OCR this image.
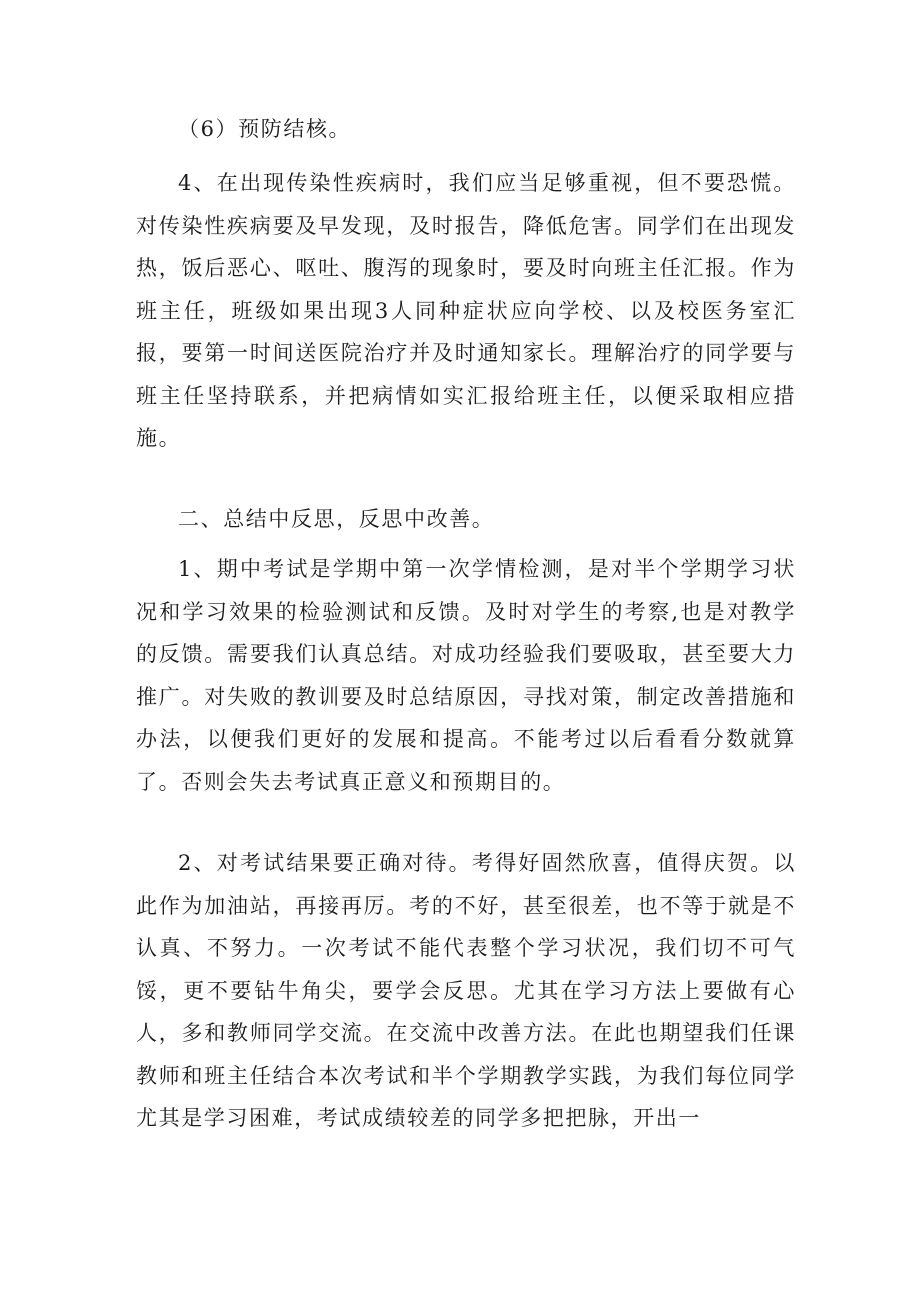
（6）预防结核。

4、在出现传染性疾病时，我们应当足够重视，但不要恐慌。对传染性疾病要及早发现，及时报告，降低危害。同学们在出现发热，饭后恶心、呕吐、腹泻的现象时，要及时向班主任汇报。作为班主任，班级如果出现3人同种症状应向学校、以及校医务室汇报，要第一时间送医院治疗并及时通知家长。理解治疗的同学要与班主任坚持联系，并把病情如实汇报给班主任，以便采取相应措施。

二、总结中反思，反思中改善。

1、期中考试是学期中第一次学情检测，是对半个学期学习状况和学习效果的检验测试和反馈。及时对学生的考察,也是对教学的反馈。需要我们认真总结。对成功经验我们要吸取，甚至要大力推广。对失败的教训要及时总结原因，寻找对策，制定改善措施和办法，以便我们更好的发展和提高。不能考过以后看看分数就算了。否则会失去考试真正意义和预期目的。

2、对考试结果要正确对待。考得好固然欣喜，值得庆贺。以此作为加油站，再接再厉。考的不好，甚至很差，也不等于就是不认真、不努力。一次考试不能代表整个学习状况，我们切不可气馁，更不要钻牛角尖，要学会反思。尤其在学习方法上要做有心人，多和教师同学交流。在交流中改善方法。在此也期望我们任课教师和班主任结合本次考试和半个学期教学实践，为我们每位同学尤其是学习困难，考试成绩较差的同学多把把脉，开出一
